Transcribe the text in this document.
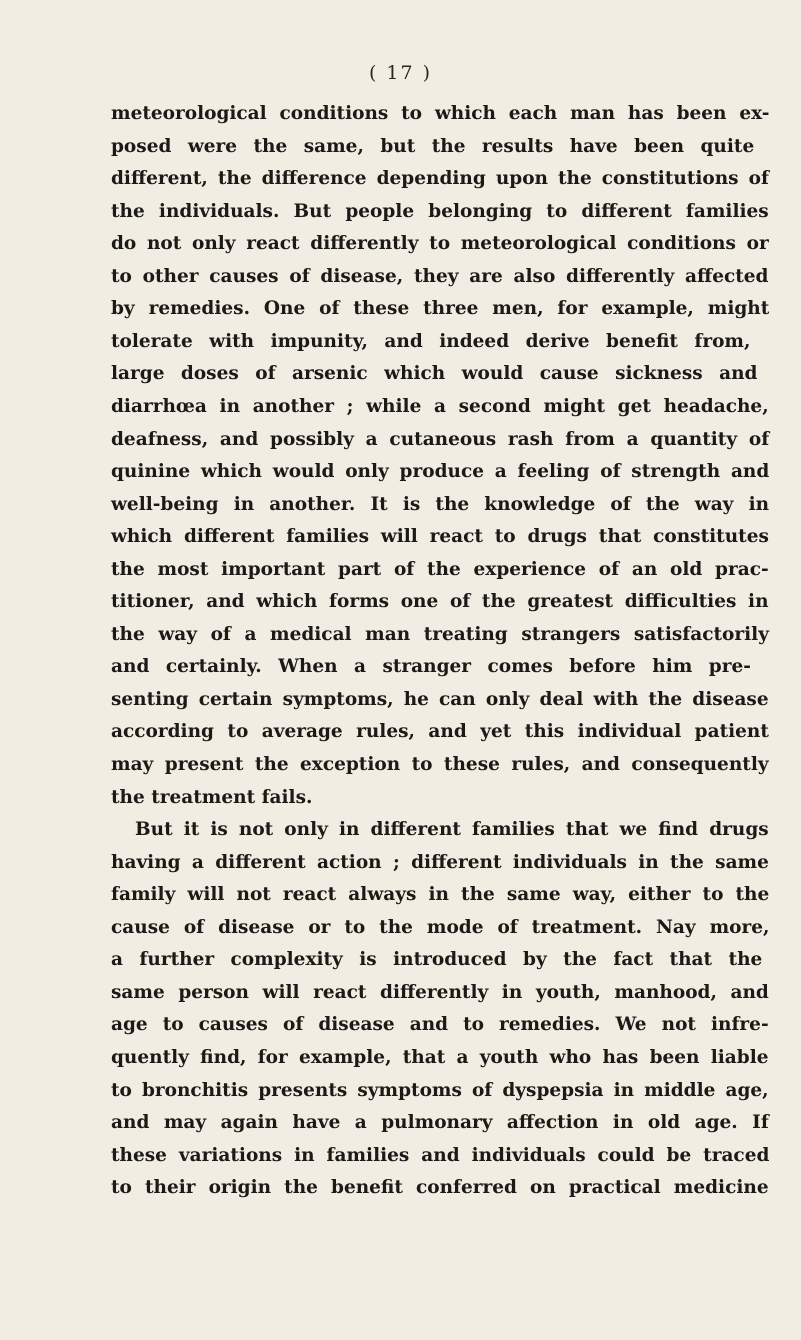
( 17 )
meteorological conditions to which each man has been ex-
posed were the same, but the results have been quite
different, the difference depending upon the constitutions of
the individuals. But people belonging to different families
do not only react differently to meteorological conditions or
to other causes of disease, they are also differently affected
by remedies. One of these three men, for example, might
tolerate with impunity, and indeed derive benefit from,
large doses of arsenic which would cause sickness and
diarrhœa in another ; while a second might get headache,
deafness, and possibly a cutaneous rash from a quantity of
quinine which would only produce a feeling of strength and
well-being in another. It is the knowledge of the way in
which different families will react to drugs that constitutes
the most important part of the experience of an old prac-
titioner, and which forms one of the greatest difficulties in
the way of a medical man treating strangers satisfactorily
and certainly. When a stranger comes before him pre-
senting certain symptoms, he can only deal with the disease
according to average rules, and yet this individual patient
may present the exception to these rules, and consequently
the treatment fails.
But it is not only in different families that we find drugs
having a different action ; different individuals in the same
family will not react always in the same way, either to the
cause of disease or to the mode of treatment. Nay more,
a further complexity is introduced by the fact that the
same person will react differently in youth, manhood, and
age to causes of disease and to remedies. We not infre-
quently find, for example, that a youth who has been liable
to bronchitis presents symptoms of dyspepsia in middle age,
and may again have a pulmonary affection in old age. If
these variations in families and individuals could be traced
to their origin the benefit conferred on practical medicine
